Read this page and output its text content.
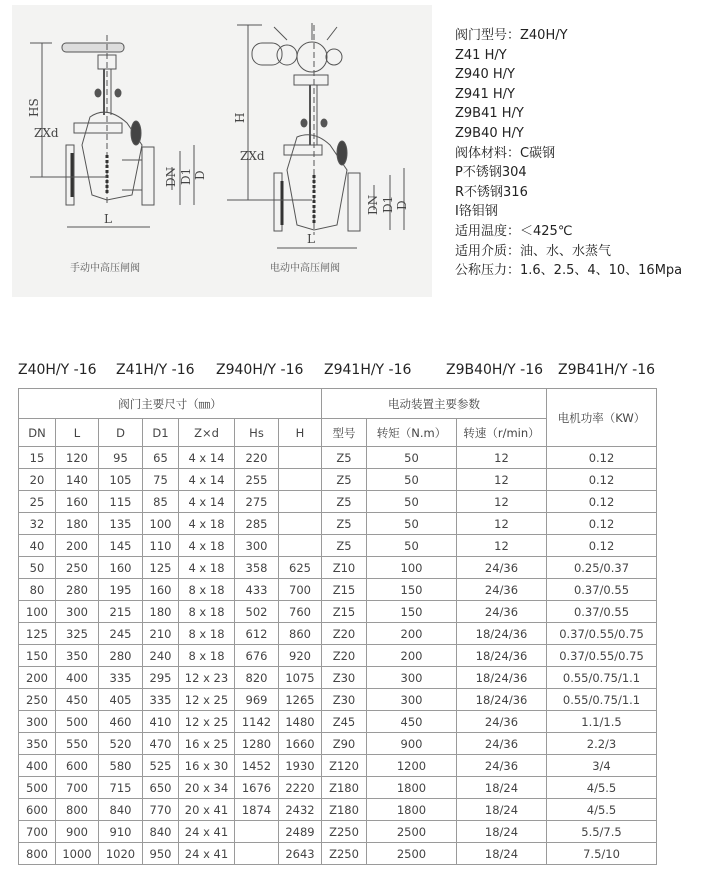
HS
ZXd
DN D1 D
L
手动中高压闸阀
H
ZXd
DN D1 D
L
电动中高压闸阀
阀门型号：Z40H/Y
Z41 H/Y
Z940 H/Y
Z941 H/Y
Z9B41 H/Y
Z9B40 H/Y
阀体材料：C碳钢
P不锈钢304
R不锈钢316
I铬钼钢
适用温度：＜425℃
适用介质：油、水、水蒸气
公称压力：1.6、2.5、4、10、16Mpa
Z40H/Y -16	Z41H/Y -16	Z940H/Y -16	Z941H/Y -16	Z9B40H/Y -16	Z9B41H/Y -16
阀门主要尺寸（㎜）							电动装置主要参数			电机功率（KW）
DN	L	D	D1	Z×d	Hs	H	型号	转矩（N.m）	转速（r/min）	
15	120	95	65	4 x 14	220		Z5	50	12	0.12
20	140	105	75	4 x 14	255		Z5	50	12	0.12
25	160	115	85	4 x 14	275		Z5	50	12	0.12
32	180	135	100	4 x 18	285		Z5	50	12	0.12
40	200	145	110	4 x 18	300		Z5	50	12	0.12
50	250	160	125	4 x 18	358	625	Z10	100	24/36	0.25/0.37
80	280	195	160	8 x 18	433	700	Z15	150	24/36	0.37/0.55
100	300	215	180	8 x 18	502	760	Z15	150	24/36	0.37/0.55
125	325	245	210	8 x 18	612	860	Z20	200	18/24/36	0.37/0.55/0.75
150	350	280	240	8 x 18	676	920	Z20	200	18/24/36	0.37/0.55/0.75
200	400	335	295	12 x 23	820	1075	Z30	300	18/24/36	0.55/0.75/1.1
250	450	405	335	12 x 25	969	1265	Z30	300	18/24/36	0.55/0.75/1.1
300	500	460	410	12 x 25	1142	1480	Z45	450	24/36	1.1/1.5
350	550	520	470	16 x 25	1280	1660	Z90	900	24/36	2.2/3
400	600	580	525	16 x 30	1452	1930	Z120	1200	24/36	3/4
500	700	715	650	20 x 34	1676	2220	Z180	1800	18/24	4/5.5
600	800	840	770	20 x 41	1874	2432	Z180	1800	18/24	4/5.5
700	900	910	840	24 x 41		2489	Z250	2500	18/24	5.5/7.5
800	1000	1020	950	24 x 41		2643	Z250	2500	18/24	7.5/10
